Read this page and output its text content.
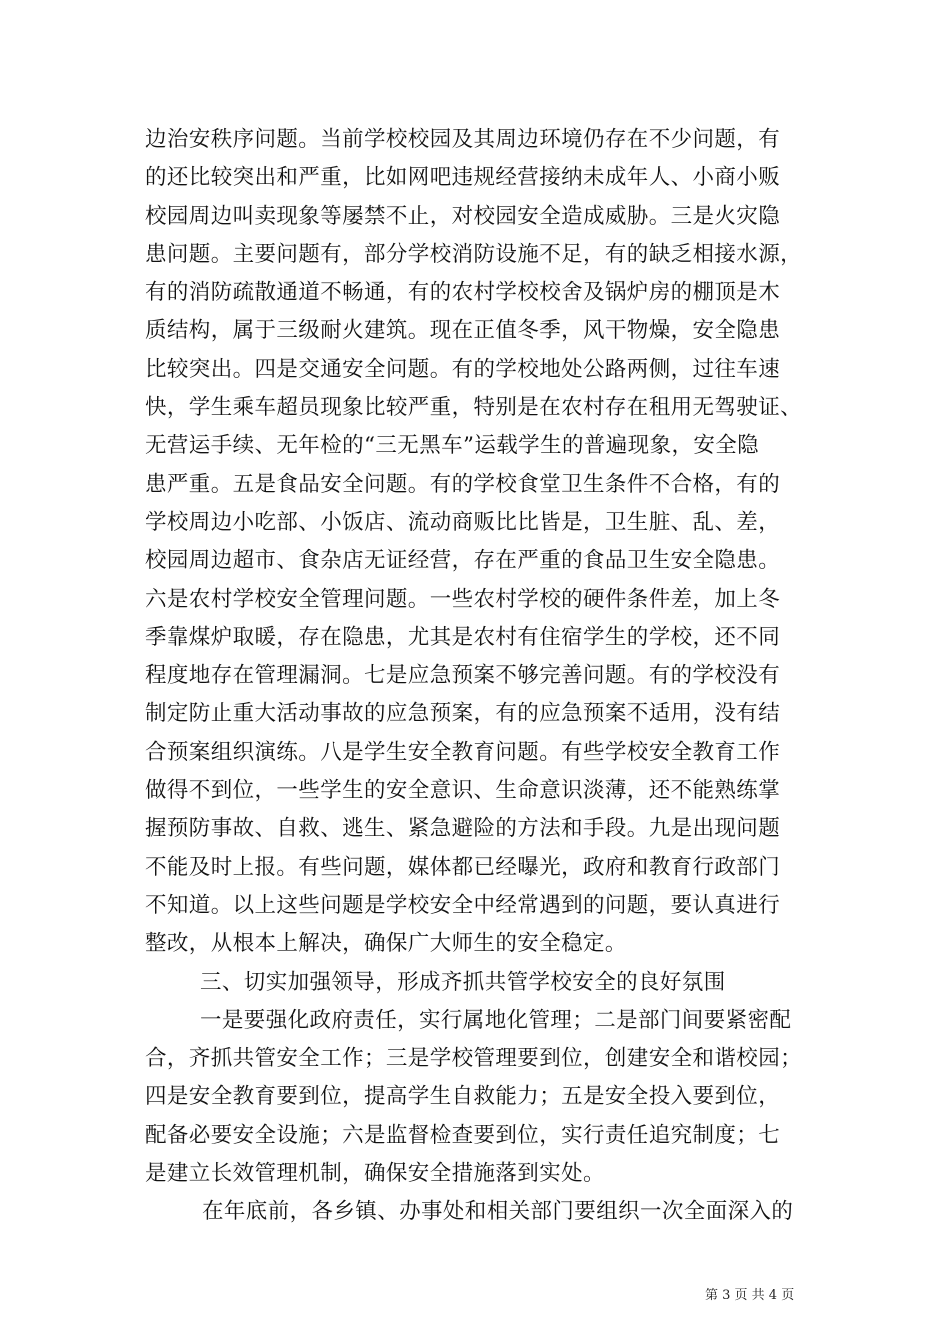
边治安秩序问题。当前学校校园及其周边环境仍存在不少问题，有
的还比较突出和严重，比如网吧违规经营接纳未成年人、小商小贩
校园周边叫卖现象等屡禁不止，对校园安全造成威胁。三是火灾隐
患问题。主要问题有，部分学校消防设施不足，有的缺乏相接水源，
有的消防疏散通道不畅通，有的农村学校校舍及锅炉房的棚顶是木
质结构，属于三级耐火建筑。现在正值冬季，风干物燥，安全隐患
比较突出。四是交通安全问题。有的学校地处公路两侧，过往车速
快，学生乘车超员现象比较严重，特别是在农村存在租用无驾驶证、
无营运手续、无年检的“三无黑车”运载学生的普遍现象，安全隐
患严重。五是食品安全问题。有的学校食堂卫生条件不合格，有的
学校周边小吃部、小饭店、流动商贩比比皆是，卫生脏、乱、差，
校园周边超市、食杂店无证经营，存在严重的食品卫生安全隐患。
六是农村学校安全管理问题。一些农村学校的硬件条件差，加上冬
季靠煤炉取暖，存在隐患，尤其是农村有住宿学生的学校，还不同
程度地存在管理漏洞。七是应急预案不够完善问题。有的学校没有
制定防止重大活动事故的应急预案，有的应急预案不适用，没有结
合预案组织演练。八是学生安全教育问题。有些学校安全教育工作
做得不到位，一些学生的安全意识、生命意识淡薄，还不能熟练掌
握预防事故、自救、逃生、紧急避险的方法和手段。九是出现问题
不能及时上报。有些问题，媒体都已经曝光，政府和教育行政部门
不知道。以上这些问题是学校安全中经常遇到的问题，要认真进行
整改，从根本上解决，确保广大师生的安全稳定。
三、切实加强领导，形成齐抓共管学校安全的良好氛围
一是要强化政府责任，实行属地化管理；二是部门间要紧密配
合，齐抓共管安全工作；三是学校管理要到位，创建安全和谐校园；
四是安全教育要到位，提高学生自救能力；五是安全投入要到位，
配备必要安全设施；六是监督检查要到位，实行责任追究制度；七
是建立长效管理机制，确保安全措施落到实处。
在年底前，各乡镇、办事处和相关部门要组织一次全面深入的
第 3 页 共 4 页
